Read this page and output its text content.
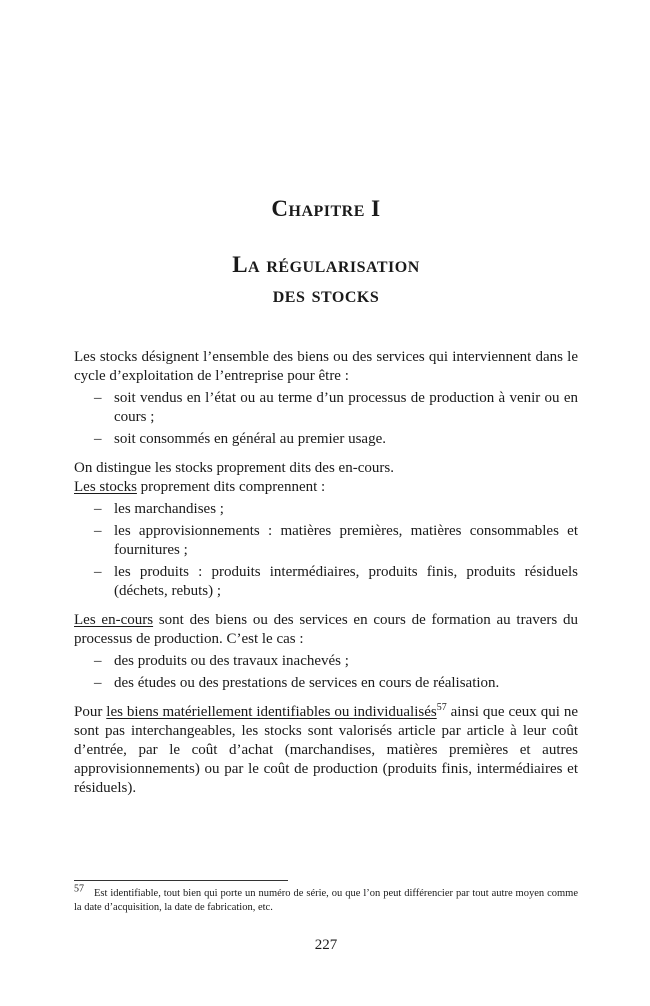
Chapitre I
La régularisation
des stocks

Les stocks désignent l’ensemble des biens ou des services qui interviennent dans le cycle d’exploitation de l’entreprise pour être :

– soit vendus en l’état ou au terme d’un processus de production à venir ou en cours ;
– soit consommés en général au premier usage.

On distingue les stocks proprement dits des en-cours.

Les stocks proprement dits comprennent :

– les marchandises ;
– les approvisionnements : matières premières, matières consommables et fournitures ;
– les produits : produits intermédiaires, produits finis, produits résiduels (déchets, rebuts) ;

Les en-cours sont des biens ou des services en cours de formation au travers du processus de production. C’est le cas :

– des produits ou des travaux inachevés ;
– des études ou des prestations de services en cours de réalisation.

Pour les biens matériellement identifiables ou individualisés$^{57}$ ainsi que ceux qui ne sont pas interchangeables, les stocks sont valorisés article par article à leur coût d’entrée, par le coût d’achat (marchandises, matières premières et autres approvisionnements) ou par le coût de production (produits finis, intermédiaires et résiduels).

$^{57}$ Est identifiable, tout bien qui porte un numéro de série, ou que l’on peut différencier par tout autre moyen comme la date d’acquisition, la date de fabrication, etc.
227
